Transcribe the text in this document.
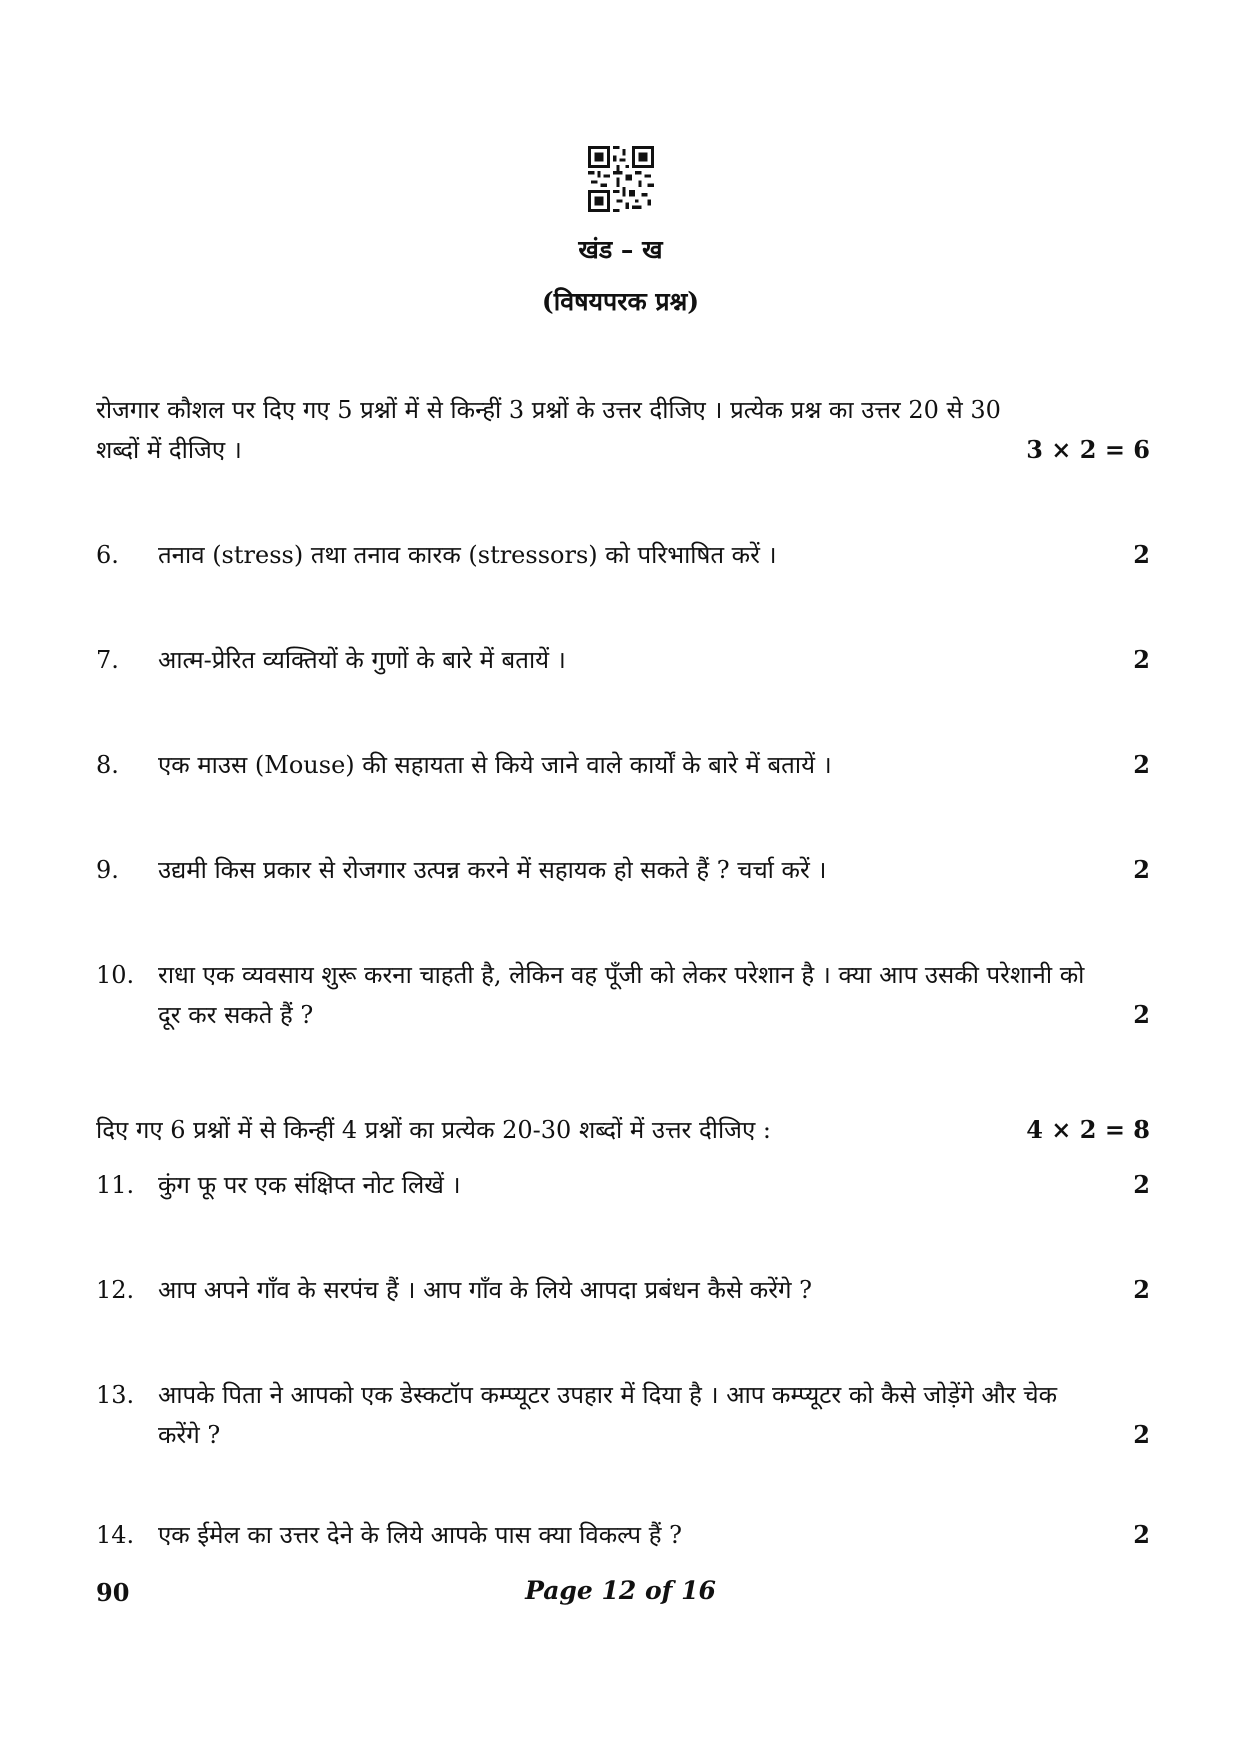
खंड – ख
(विषयपरक प्रश्न)
रोजगार कौशल पर दिए गए 5 प्रश्नों में से किन्हीं 3 प्रश्नों के उत्तर दीजिए । प्रत्येक प्रश्न का उत्तर 20 से 30
शब्दों में दीजिए ।	3 × 2 = 6
6.	तनाव (stress) तथा तनाव कारक (stressors) को परिभाषित करें ।	2
7.	आत्म-प्रेरित व्यक्तियों के गुणों के बारे में बतायें ।	2
8.	एक माउस (Mouse) की सहायता से किये जाने वाले कार्यों के बारे में बतायें ।	2
9.	उद्यमी किस प्रकार से रोजगार उत्पन्न करने में सहायक हो सकते हैं ? चर्चा करें ।	2
10. राधा एक व्यवसाय शुरू करना चाहती है, लेकिन वह पूँजी को लेकर परेशान है । क्या आप उसकी परेशानी को दूर कर सकते हैं ?	2
दिए गए 6 प्रश्नों में से किन्हीं 4 प्रश्नों का प्रत्येक 20-30 शब्दों में उत्तर दीजिए :	4 × 2 = 8
11. कुंग फू पर एक संक्षिप्त नोट लिखें ।	2
12. आप अपने गाँव के सरपंच हैं । आप गाँव के लिये आपदा प्रबंधन कैसे करेंगे ?	2
13. आपके पिता ने आपको एक डेस्कटॉप कम्प्यूटर उपहार में दिया है । आप कम्प्यूटर को कैसे जोड़ेंगे और चेक करेंगे ?	2
14. एक ईमेल का उत्तर देने के लिये आपके पास क्या विकल्प हैं ?	2
90	Page 12 of 16
